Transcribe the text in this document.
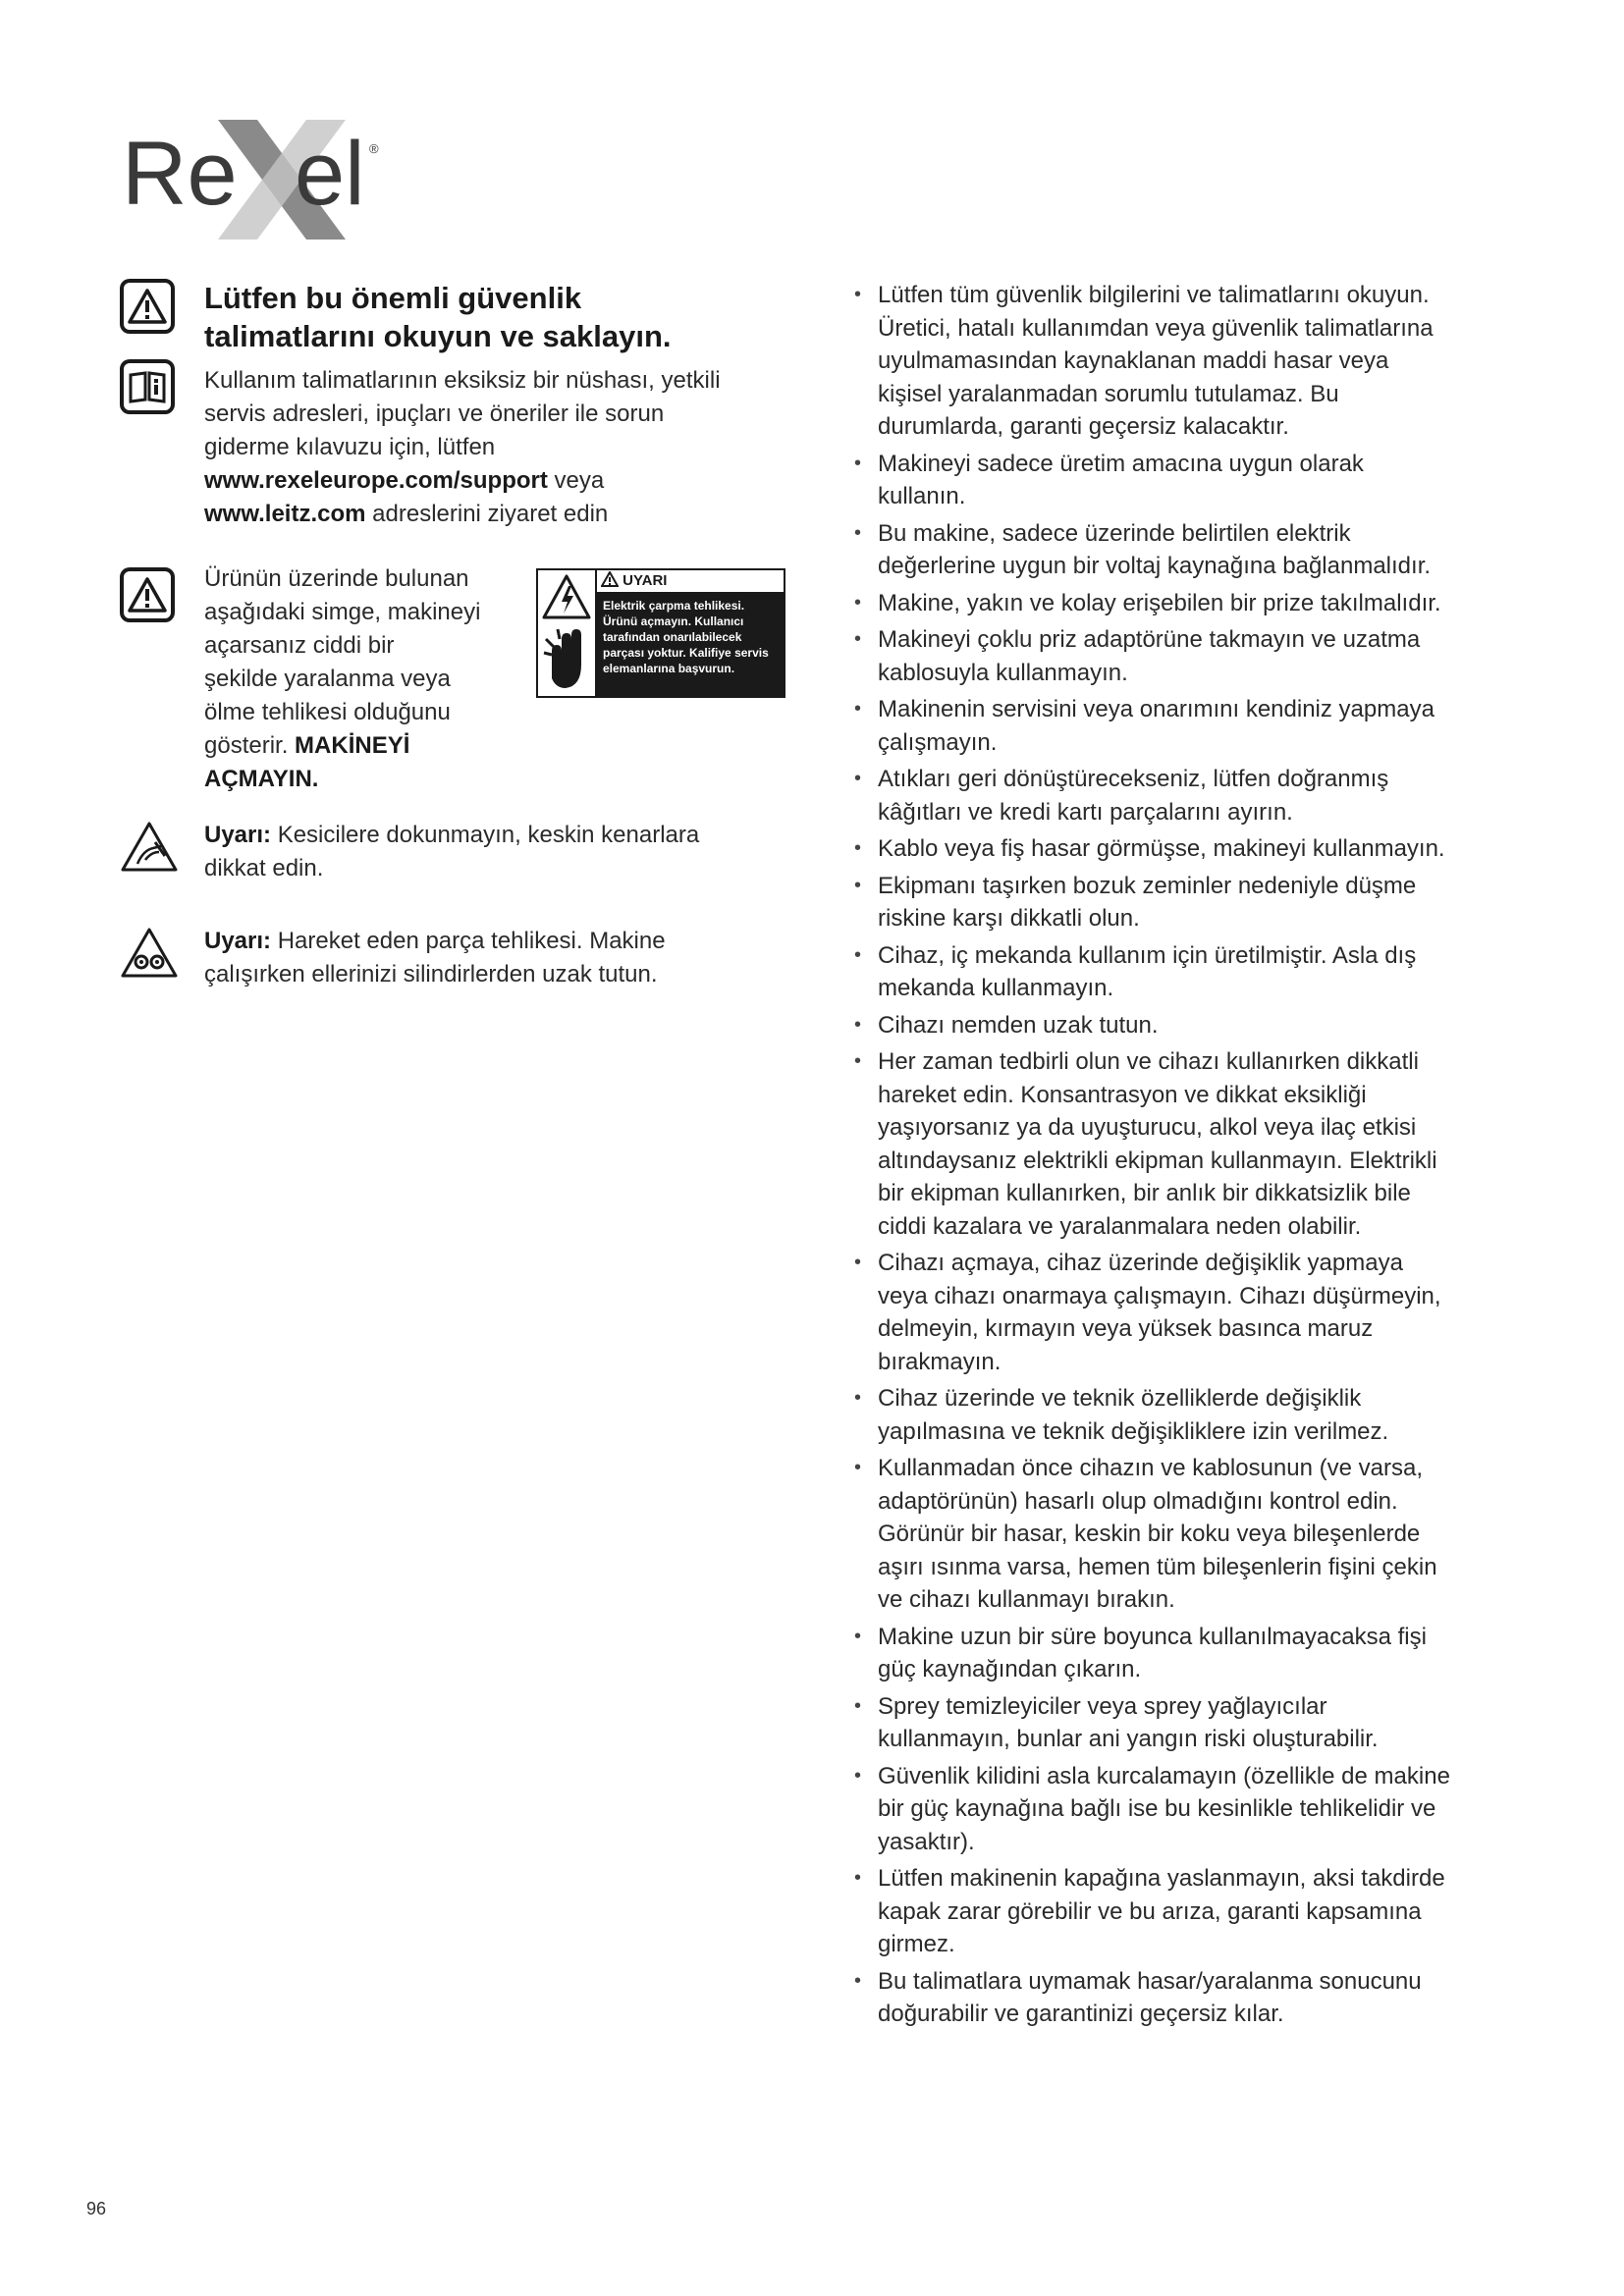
Re el ®
Lütfen bu önemli güvenlik
talimatlarını okuyun ve saklayın.
Kullanım talimatlarının eksiksiz bir nüshası, yetkili
servis adresleri, ipuçları ve öneriler ile sorun
giderme kılavuzu için, lütfen
www.rexeleurope.com/support veya
www.leitz.com adreslerini ziyaret edin
Ürünün üzerinde bulunan
aşağıdaki simge, makineyi
açarsanız ciddi bir
şekilde yaralanma veya
ölme tehlikesi olduğunu
gösterir. MAKİNEYİ
AÇMAYIN.
UYARI
Elektrik çarpma tehlikesi.
Ürünü açmayın. Kullanıcı
tarafından onarılabilecek
parçası yoktur. Kalifiye servis
elemanlarına başvurun.
Uyarı: Kesicilere dokunmayın, keskin kenarlara
dikkat edin.
Uyarı: Hareket eden parça tehlikesi. Makine
çalışırken ellerinizi silindirlerden uzak tutun.
• Lütfen tüm güvenlik bilgilerini ve talimatlarını okuyun.
Üretici, hatalı kullanımdan veya güvenlik talimatlarına
uyulmamasından kaynaklanan maddi hasar veya
kişisel yaralanmadan sorumlu tutulamaz. Bu
durumlarda, garanti geçersiz kalacaktır.
• Makineyi sadece üretim amacına uygun olarak
kullanın.
• Bu makine, sadece üzerinde belirtilen elektrik
değerlerine uygun bir voltaj kaynağına bağlanmalıdır.
• Makine, yakın ve kolay erişebilen bir prize takılmalıdır.
• Makineyi çoklu priz adaptörüne takmayın ve uzatma
kablosuyla kullanmayın.
• Makinenin servisini veya onarımını kendiniz yapmaya
çalışmayın.
• Atıkları geri dönüştürecekseniz, lütfen doğranmış
kâğıtları ve kredi kartı parçalarını ayırın.
• Kablo veya fiş hasar görmüşse, makineyi kullanmayın.
• Ekipmanı taşırken bozuk zeminler nedeniyle düşme
riskine karşı dikkatli olun.
• Cihaz, iç mekanda kullanım için üretilmiştir. Asla dış
mekanda kullanmayın.
• Cihazı nemden uzak tutun.
• Her zaman tedbirli olun ve cihazı kullanırken dikkatli
hareket edin. Konsantrasyon ve dikkat eksikliği
yaşıyorsanız ya da uyuşturucu, alkol veya ilaç etkisi
altındaysanız elektrikli ekipman kullanmayın. Elektrikli
bir ekipman kullanırken, bir anlık bir dikkatsizlik bile
ciddi kazalara ve yaralanmalara neden olabilir.
• Cihazı açmaya, cihaz üzerinde değişiklik yapmaya
veya cihazı onarmaya çalışmayın. Cihazı düşürmeyin,
delmeyin, kırmayın veya yüksek basınca maruz
bırakmayın.
• Cihaz üzerinde ve teknik özelliklerde değişiklik
yapılmasına ve teknik değişikliklere izin verilmez.
• Kullanmadan önce cihazın ve kablosunun (ve varsa,
adaptörünün) hasarlı olup olmadığını kontrol edin.
Görünür bir hasar, keskin bir koku veya bileşenlerde
aşırı ısınma varsa, hemen tüm bileşenlerin fişini çekin
ve cihazı kullanmayı bırakın.
• Makine uzun bir süre boyunca kullanılmayacaksa fişi
güç kaynağından çıkarın.
• Sprey temizleyiciler veya sprey yağlayıcılar
kullanmayın, bunlar ani yangın riski oluşturabilir.
• Güvenlik kilidini asla kurcalamayın (özellikle de makine
bir güç kaynağına bağlı ise bu kesinlikle tehlikelidir ve
yasaktır).
• Lütfen makinenin kapağına yaslanmayın, aksi takdirde
kapak zarar görebilir ve bu arıza, garanti kapsamına
girmez.
• Bu talimatlara uymamak hasar/yaralanma sonucunu
doğurabilir ve garantinizi geçersiz kılar.
96
